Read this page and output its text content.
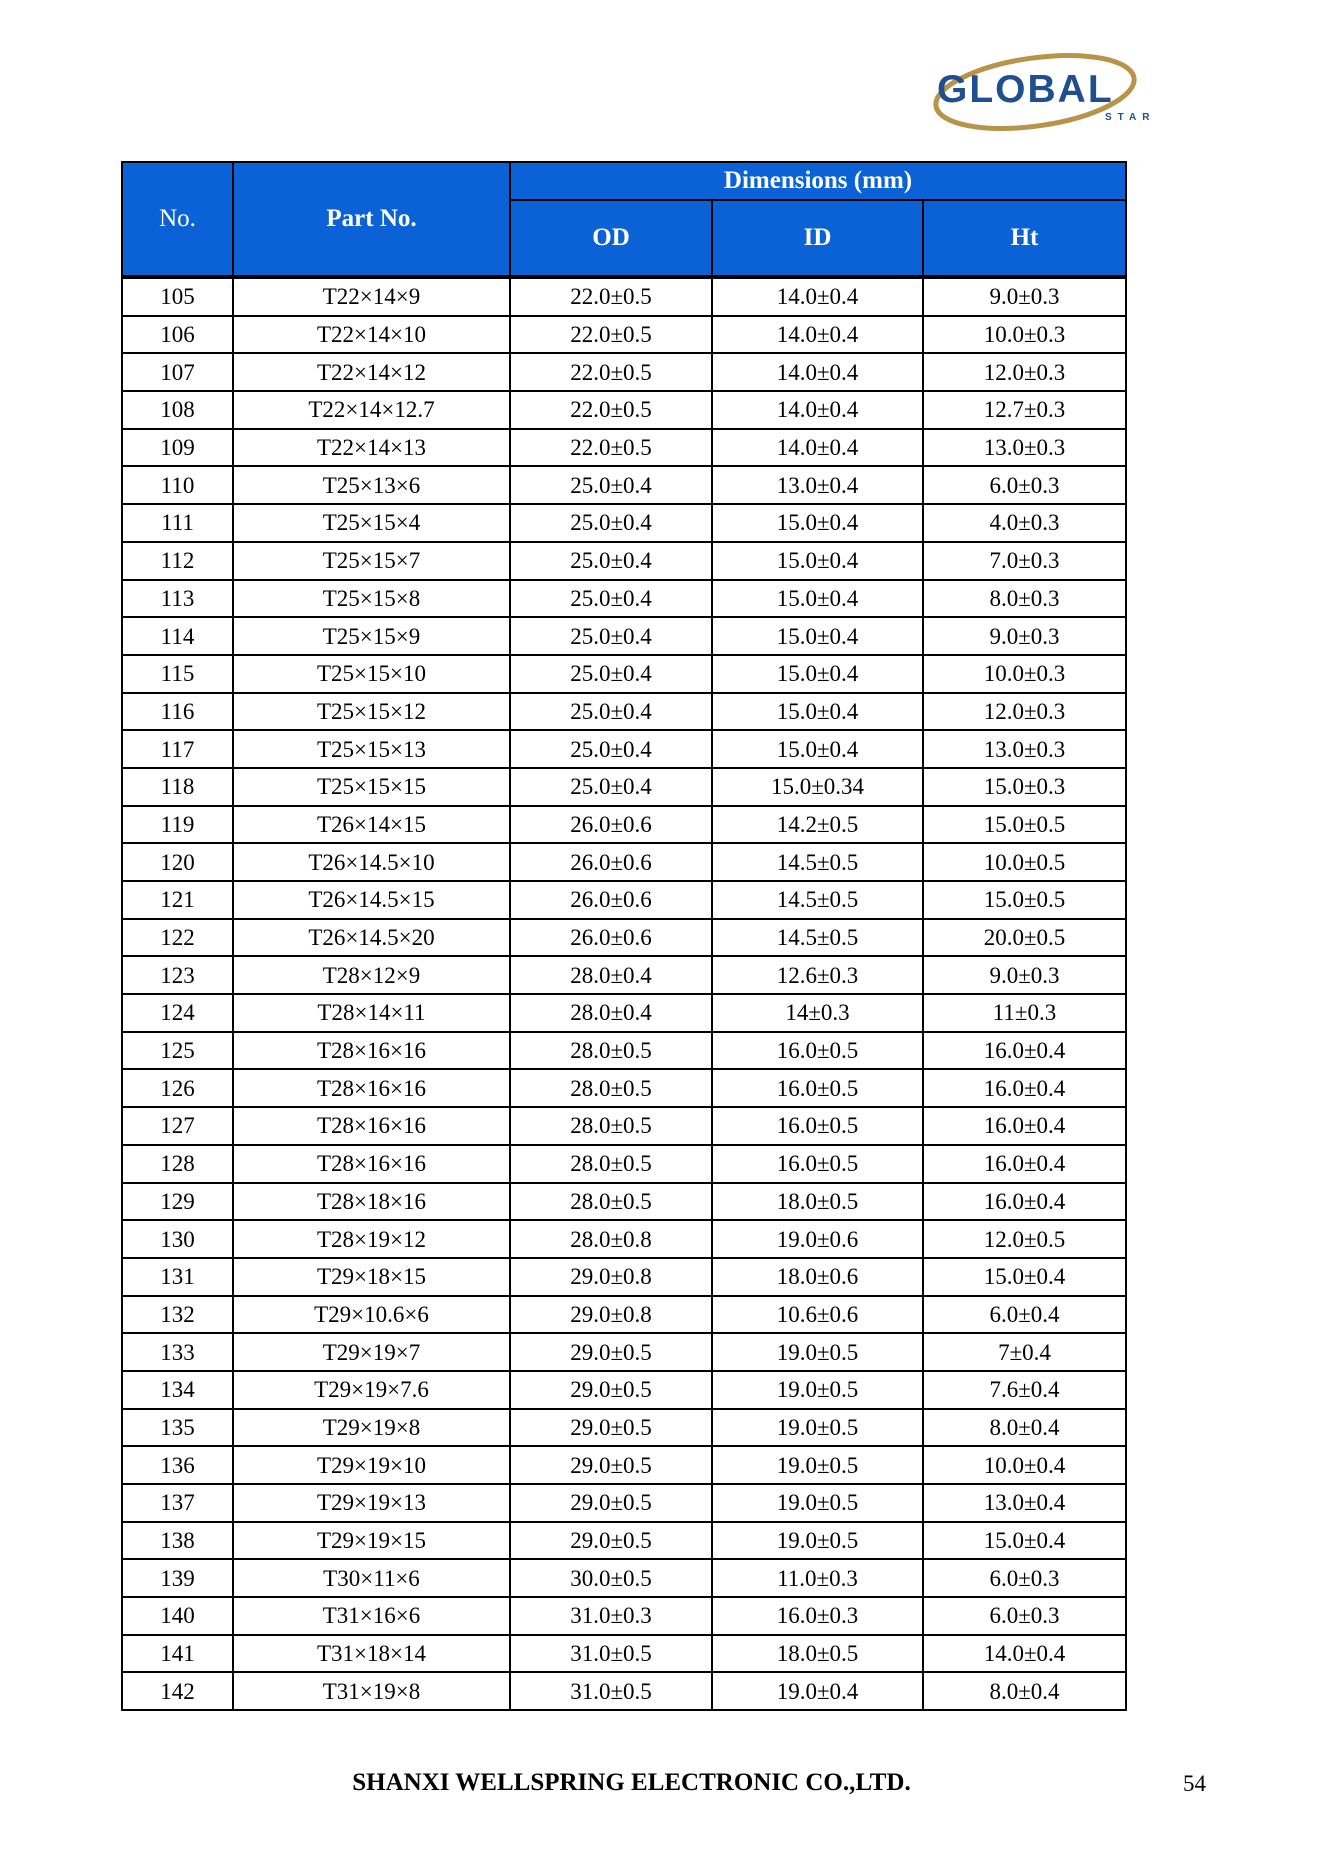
GLOBAL
STAR
No.	Part No.	Dimensions (mm)		
		OD	ID	Ht
105	T22×14×9	22.0±0.5	14.0±0.4	9.0±0.3
106	T22×14×10	22.0±0.5	14.0±0.4	10.0±0.3
107	T22×14×12	22.0±0.5	14.0±0.4	12.0±0.3
108	T22×14×12.7	22.0±0.5	14.0±0.4	12.7±0.3
109	T22×14×13	22.0±0.5	14.0±0.4	13.0±0.3
110	T25×13×6	25.0±0.4	13.0±0.4	6.0±0.3
111	T25×15×4	25.0±0.4	15.0±0.4	4.0±0.3
112	T25×15×7	25.0±0.4	15.0±0.4	7.0±0.3
113	T25×15×8	25.0±0.4	15.0±0.4	8.0±0.3
114	T25×15×9	25.0±0.4	15.0±0.4	9.0±0.3
115	T25×15×10	25.0±0.4	15.0±0.4	10.0±0.3
116	T25×15×12	25.0±0.4	15.0±0.4	12.0±0.3
117	T25×15×13	25.0±0.4	15.0±0.4	13.0±0.3
118	T25×15×15	25.0±0.4	15.0±0.34	15.0±0.3
119	T26×14×15	26.0±0.6	14.2±0.5	15.0±0.5
120	T26×14.5×10	26.0±0.6	14.5±0.5	10.0±0.5
121	T26×14.5×15	26.0±0.6	14.5±0.5	15.0±0.5
122	T26×14.5×20	26.0±0.6	14.5±0.5	20.0±0.5
123	T28×12×9	28.0±0.4	12.6±0.3	9.0±0.3
124	T28×14×11	28.0±0.4	14±0.3	11±0.3
125	T28×16×16	28.0±0.5	16.0±0.5	16.0±0.4
126	T28×16×16	28.0±0.5	16.0±0.5	16.0±0.4
127	T28×16×16	28.0±0.5	16.0±0.5	16.0±0.4
128	T28×16×16	28.0±0.5	16.0±0.5	16.0±0.4
129	T28×18×16	28.0±0.5	18.0±0.5	16.0±0.4
130	T28×19×12	28.0±0.8	19.0±0.6	12.0±0.5
131	T29×18×15	29.0±0.8	18.0±0.6	15.0±0.4
132	T29×10.6×6	29.0±0.8	10.6±0.6	6.0±0.4
133	T29×19×7	29.0±0.5	19.0±0.5	7±0.4
134	T29×19×7.6	29.0±0.5	19.0±0.5	7.6±0.4
135	T29×19×8	29.0±0.5	19.0±0.5	8.0±0.4
136	T29×19×10	29.0±0.5	19.0±0.5	10.0±0.4
137	T29×19×13	29.0±0.5	19.0±0.5	13.0±0.4
138	T29×19×15	29.0±0.5	19.0±0.5	15.0±0.4
139	T30×11×6	30.0±0.5	11.0±0.3	6.0±0.3
140	T31×16×6	31.0±0.3	16.0±0.3	6.0±0.3
141	T31×18×14	31.0±0.5	18.0±0.5	14.0±0.4
142	T31×19×8	31.0±0.5	19.0±0.4	8.0±0.4
SHANXI WELLSPRING ELECTRONIC CO.,LTD.	54
